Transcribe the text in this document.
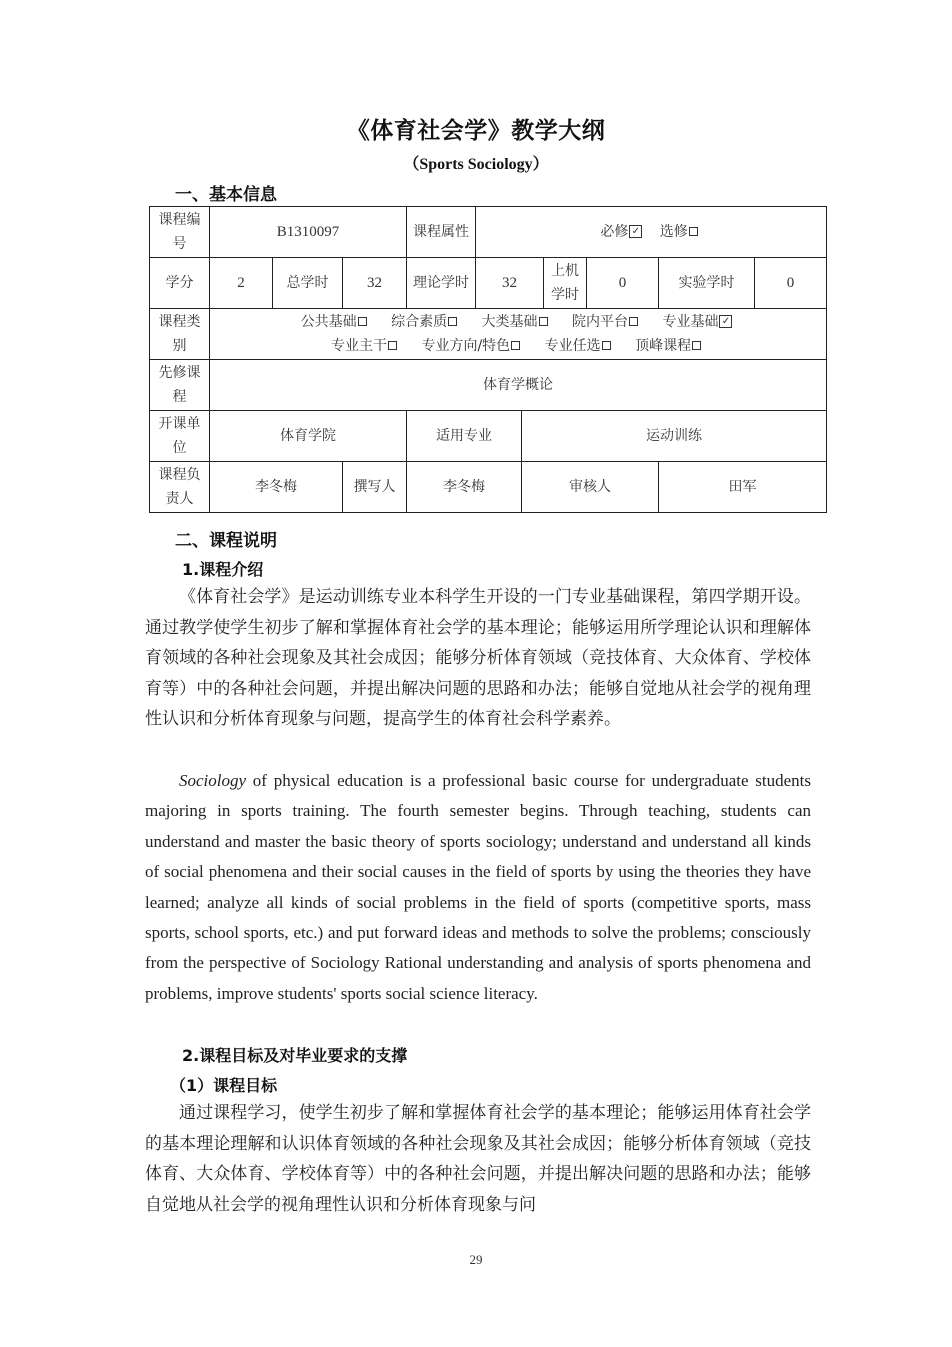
《体育社会学》教学大纲
（Sports Sociology）
一、基本信息
课程编号	B1310097			课程属性	必修 ✓ 选修					
学分	2	总学时	32	理论学时	32		上机学时	0	实验学时	0
课程类别	公共基础 综合素质 大类基础 院内平台 专业基础 ✓
专业主干 专业方向/特色 专业任选 顶峰课程									

先修课程	体育学概论									
开课单位	体育学院			适用专业		运动训练				
课程负责人	李冬梅		撰写人	李冬梅		审核人			田军	
二、课程说明
1.课程介绍
《体育社会学》是运动训练专业本科学生开设的一门专业基础课程，第四学期开设。通过教学使学生初步了解和掌握体育社会学的基本理论；能够运用所学理论认识和理解体育领域的各种社会现象及其社会成因；能够分析体育领域（竞技体育、大众体育、学校体育等）中的各种社会问题，并提出解决问题的思路和办法；能够自觉地从社会学的视角理性认识和分析体育现象与问题，提高学生的体育社会科学素养。
Sociology of physical education is a professional basic course for undergraduate students majoring in sports training. The fourth semester begins. Through teaching, students can understand and master the basic theory of sports sociology; understand and understand all kinds of social phenomena and their social causes in the field of sports by using the theories they have learned; analyze all kinds of social problems in the field of sports (competitive sports, mass sports, school sports, etc.) and put forward ideas and methods to solve the problems; consciously from the perspective of Sociology Rational understanding and analysis of sports phenomena and problems, improve students' sports social science literacy.
2.课程目标及对毕业要求的支撑
（1）课程目标
通过课程学习，使学生初步了解和掌握体育社会学的基本理论；能够运用体育社会学的基本理论理解和认识体育领域的各种社会现象及其社会成因；能够分析体育领域（竞技体育、大众体育、学校体育等）中的各种社会问题，并提出解决问题的思路和办法；能够自觉地从社会学的视角理性认识和分析体育现象与问
29
